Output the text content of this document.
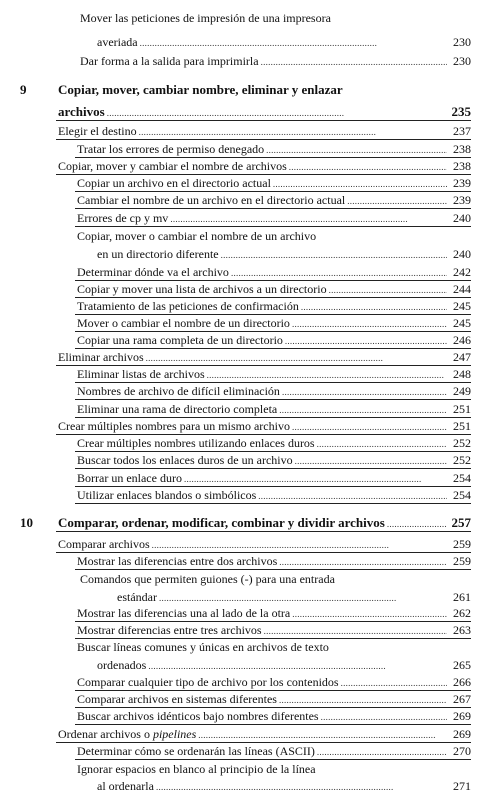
Mover las peticiones de impresión de una impresora
averiada . . .	230
Dar forma a la salida para imprimirla . . .	230
9 Copiar, mover, cambiar nombre, eliminar y enlazar
archivos . . .	235
Elegir el destino . . .	237
Tratar los errores de permiso denegado . . .	238
Copiar, mover y cambiar el nombre de archivos . . .	238
Copiar un archivo en el directorio actual . . .	239
Cambiar el nombre de un archivo en el directorio actual . . .	239
Errores de cp y mv . . .	240
Copiar, mover o cambiar el nombre de un archivo
en un directorio diferente . . .	240
Determinar dónde va el archivo . . .	242
Copiar y mover una lista de archivos a un directorio . . .	244
Tratamiento de las peticiones de confirmación . . .	245
Mover o cambiar el nombre de un directorio . . .	245
Copiar una rama completa de un directorio . . .	246
Eliminar archivos . . .	247
Eliminar listas de archivos . . .	248
Nombres de archivo de difícil eliminación . . .	249
Eliminar una rama de directorio completa . . .	251
Crear múltiples nombres para un mismo archivo . . .	251
Crear múltiples nombres utilizando enlaces duros . . .	252
Buscar todos los enlaces duros de un archivo . . .	252
Borrar un enlace duro . . .	254
Utilizar enlaces blandos o simbólicos . . .	254
10 Comparar, ordenar, modificar, combinar y dividir archivos . . .	257
Comparar archivos . . .	259
Mostrar las diferencias entre dos archivos . . .	259
Comandos que permiten guiones (-) para una entrada
estándar . . .	261
Mostrar las diferencias una al lado de la otra . . .	262
Mostrar diferencias entre tres archivos . . .	263
Buscar líneas comunes y únicas en archivos de texto
ordenados . . .	265
Comparar cualquier tipo de archivo por los contenidos . . .	266
Comparar archivos en sistemas diferentes . . .	267
Buscar archivos idénticos bajo nombres diferentes . . .	269
Ordenar archivos o pipelines . . .	269
Determinar cómo se ordenarán las líneas (ASCII) . . .	270
Ignorar espacios en blanco al principio de la línea
al ordenarla . . .	271
